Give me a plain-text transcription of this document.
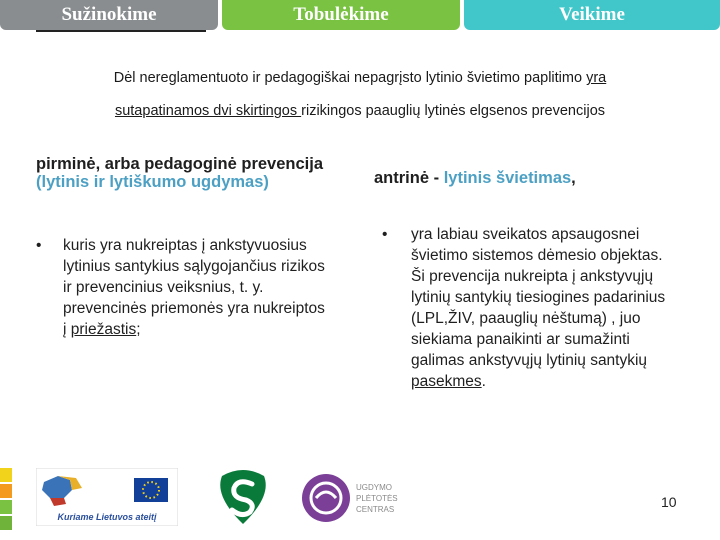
Sužinokime	Tobulėkime	Veikime
Dėl nereglamentuoto ir pedagogiškai nepagrįsto lytinio švietimo paplitimo yra
sutapatinamos dvi skirtingos rizikingos paauglių lytinės elgsenos prevencijos
pirminė, arba pedagoginė prevencija (lytinis ir lytiškumo ugdymas)
• kuris yra nukreiptas į ankstyvuosius lytinius santykius sąlygojančius rizikos ir prevencinius veiksnius, t. y. prevencinės priemonės yra nukreiptos į priežastis;
antrinė - lytinis švietimas,
• yra labiau sveikatos apsaugosnei švietimo sistemos dėmesio objektas. Ši prevencija nukreipta į ankstyvųjų lytinių santykių tiesiogines padarinius (LPL,ŽIV, paauglių nėštumą) , juo siekiama panaikinti ar sumažinti galimas ankstyvųjų lytinių santykių pasekmes.
Kuriame Lietuvos ateitį
UGDYMO
PLĖTOTĖS
CENTRAS	10
